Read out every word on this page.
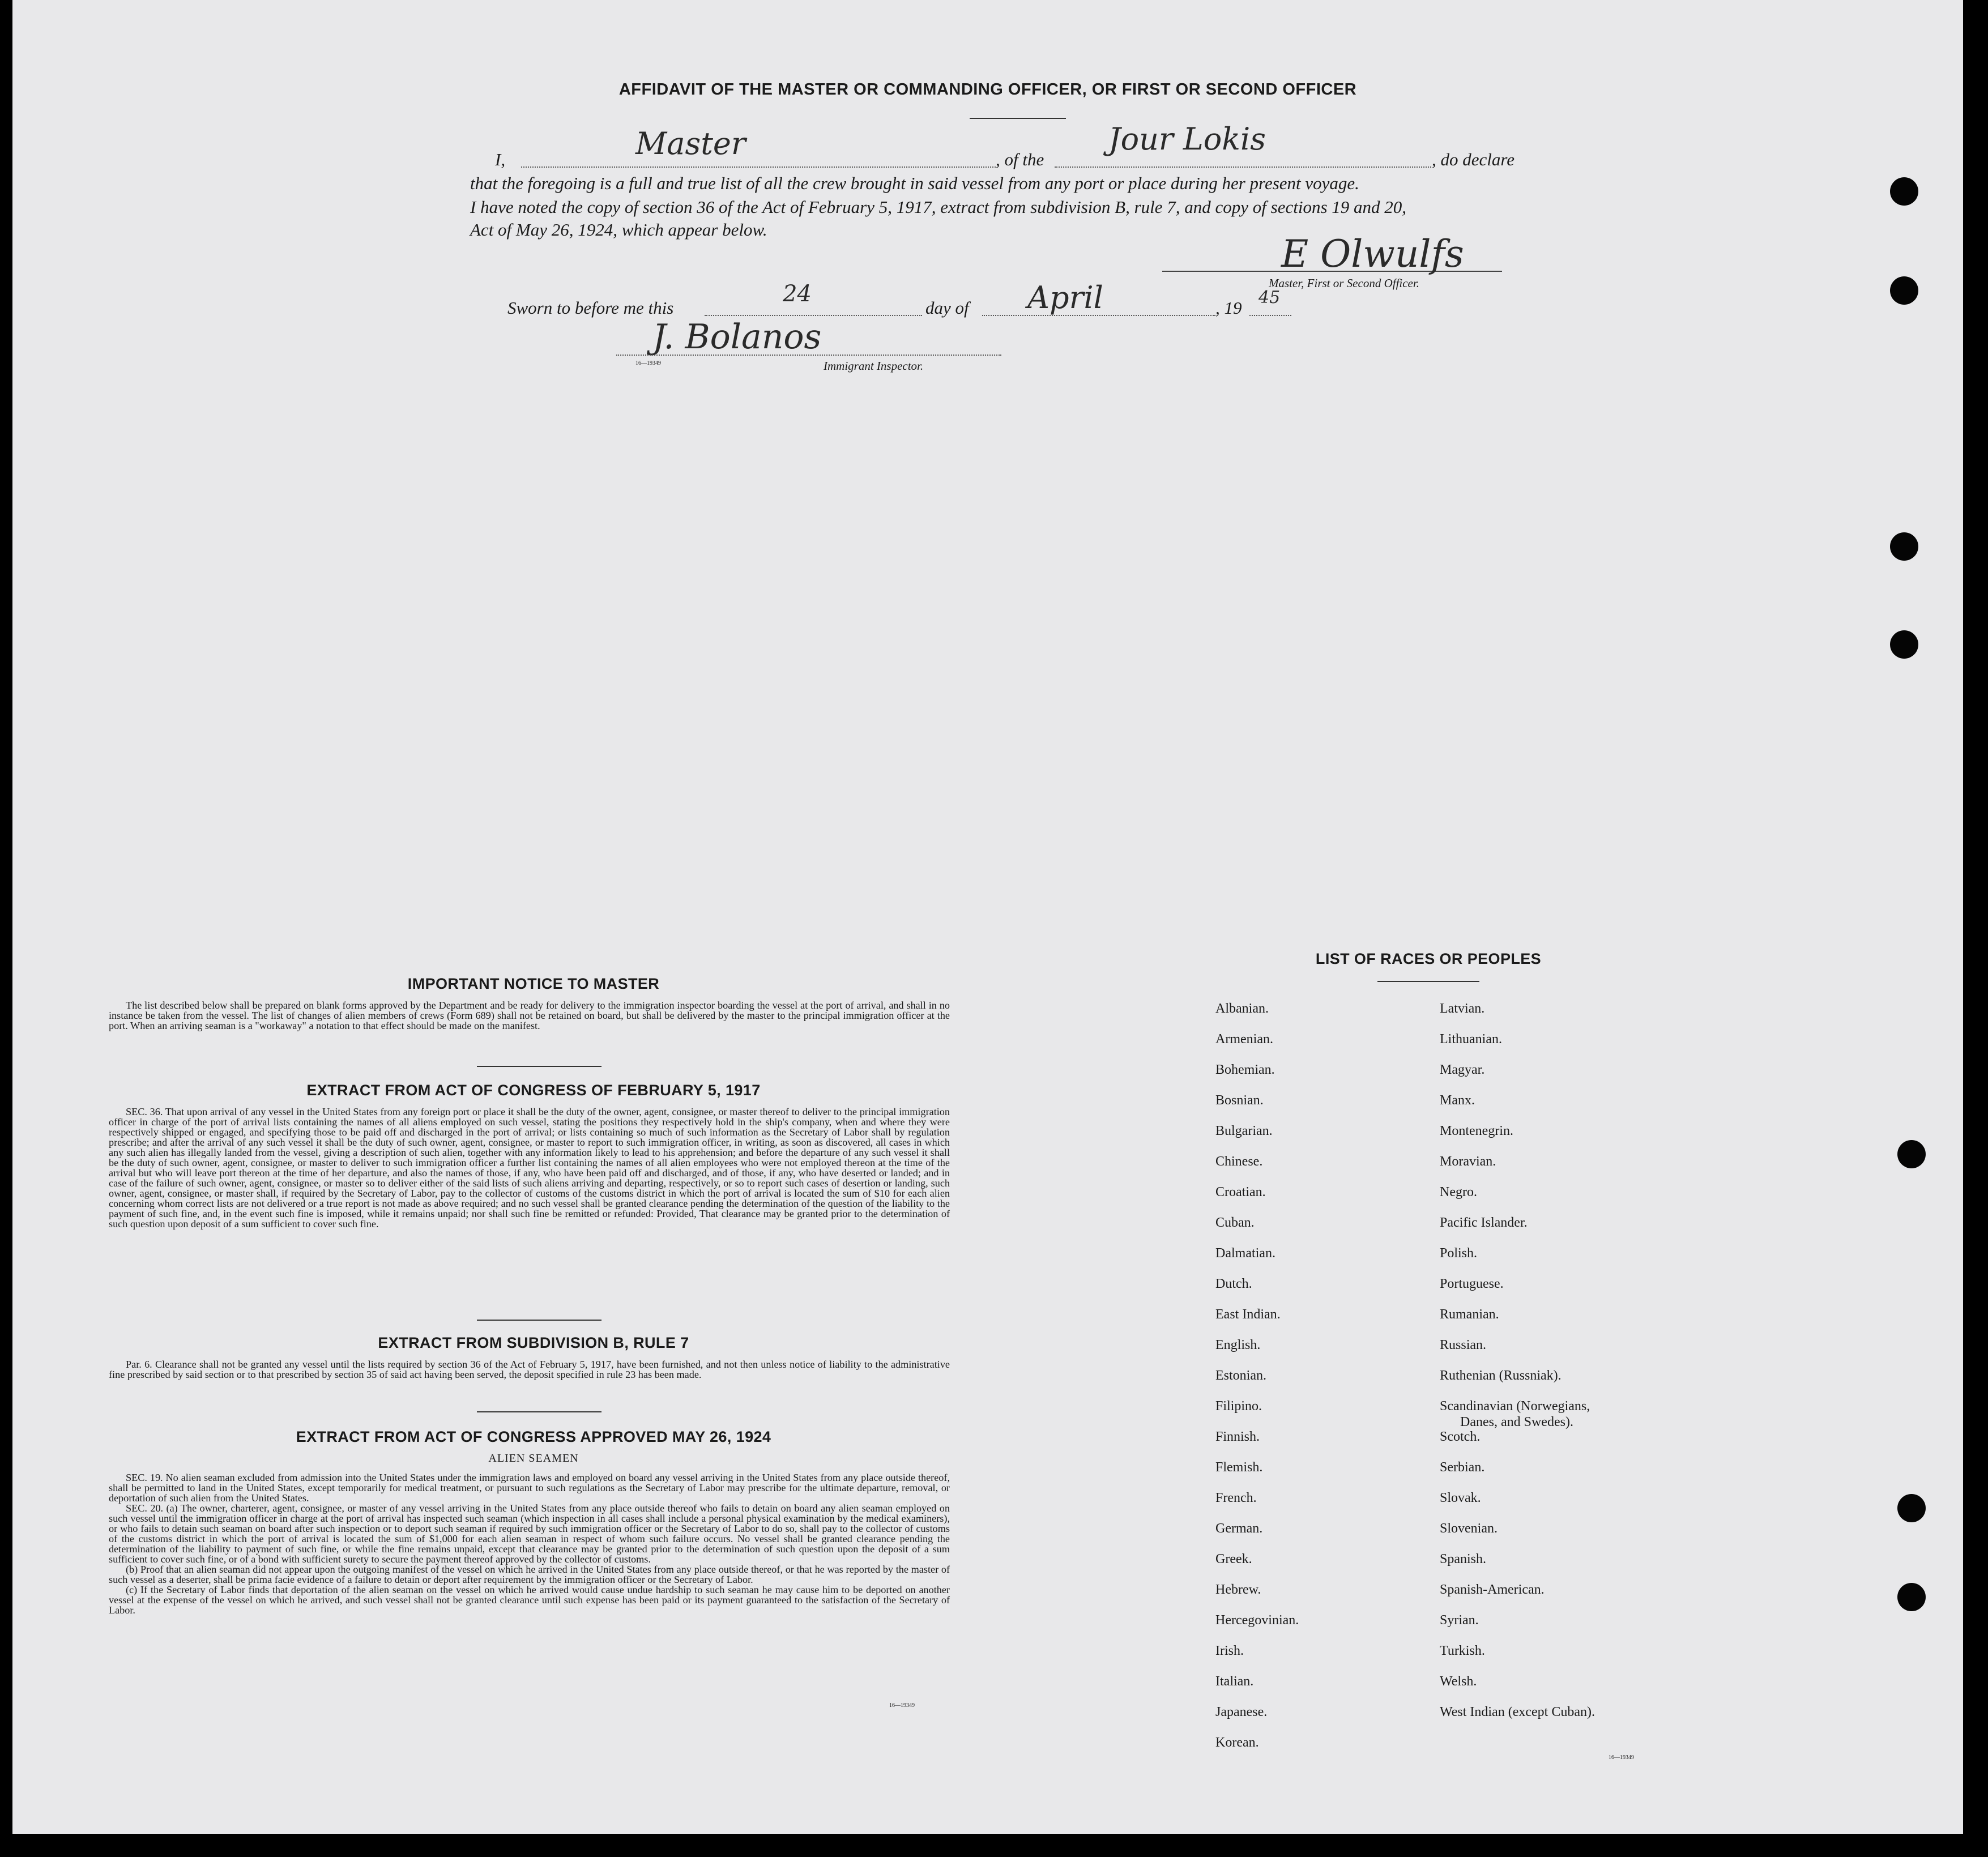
AFFIDAVIT OF THE MASTER OR COMMANDING OFFICER, OR FIRST OR SECOND OFFICER
I,	Master	, of the
Jour Lokis
, do declare
that the foregoing is a full and true list of all the crew brought in said vessel from any port or place during her present voyage.
I have noted the copy of section 36 of the Act of February 5, 1917, extract from subdivision B, rule 7, and copy of sections 19 and 20,
Act of May 26, 1924, which appear below.
E Olwulfs
Master, First or Second Officer.
Sworn to before me this
24
day of April	, 19
45
J. Bolanos
16—19349	Immigrant Inspector.
IMPORTANT NOTICE TO MASTER

The list described below shall be prepared on blank forms approved by the Department and be ready for delivery to the immigration inspector boarding the vessel at the port of arrival, and shall in no instance be taken from the vessel. The list of changes of alien members of crews (Form 689) shall not be retained on board, but shall be delivered by the master to the principal immigration officer at the port. When an arriving seaman is a "workaway" a notation to that effect should be made on the manifest.

EXTRACT FROM ACT OF CONGRESS OF FEBRUARY 5, 1917

SEC. 36. That upon arrival of any vessel in the United States from any foreign port or place it shall be the duty of the owner, agent, consignee, or master thereof to deliver to the principal immigration officer in charge of the port of arrival lists containing the names of all aliens employed on such vessel, stating the positions they respectively hold in the ship's company, when and where they were respectively shipped or engaged, and specifying those to be paid off and discharged in the port of arrival; or lists containing so much of such information as the Secretary of Labor shall by regulation prescribe; and after the arrival of any such vessel it shall be the duty of such owner, agent, consignee, or master to report to such immigration officer, in writing, as soon as discovered, all cases in which any such alien has illegally landed from the vessel, giving a description of such alien, together with any information likely to lead to his apprehension; and before the departure of any such vessel it shall be the duty of such owner, agent, consignee, or master to deliver to such immigration officer a further list containing the names of all alien employees who were not employed thereon at the time of the arrival but who will leave port thereon at the time of her departure, and also the names of those, if any, who have been paid off and discharged, and of those, if any, who have deserted or landed; and in case of the failure of such owner, agent, consignee, or master so to deliver either of the said lists of such aliens arriving and departing, respectively, or so to report such cases of desertion or landing, such owner, agent, consignee, or master shall, if required by the Secretary of Labor, pay to the collector of customs of the customs district in which the port of arrival is located the sum of $10 for each alien concerning whom correct lists are not delivered or a true report is not made as above required; and no such vessel shall be granted clearance pending the determination of the question of the liability to the payment of such fine, and, in the event such fine is imposed, while it remains unpaid; nor shall such fine be remitted or refunded: Provided, That clearance may be granted prior to the determination of such question upon deposit of a sum sufficient to cover such fine.

EXTRACT FROM SUBDIVISION B, RULE 7

Par. 6. Clearance shall not be granted any vessel until the lists required by section 36 of the Act of February 5, 1917, have been furnished, and not then unless notice of liability to the administrative fine prescribed by said section or to that prescribed by section 35 of said act having been served, the deposit specified in rule 23 has been made.

EXTRACT FROM ACT OF CONGRESS APPROVED MAY 26, 1924
ALIEN SEAMEN

SEC. 19. No alien seaman excluded from admission into the United States under the immigration laws and employed on board any vessel arriving in the United States from any place outside thereof, shall be permitted to land in the United States, except temporarily for medical treatment, or pursuant to such regulations as the Secretary of Labor may prescribe for the ultimate departure, removal, or deportation of such alien from the United States.

SEC. 20. (a) The owner, charterer, agent, consignee, or master of any vessel arriving in the United States from any place outside thereof who fails to detain on board any alien seaman employed on such vessel until the immigration officer in charge at the port of arrival has inspected such seaman (which inspection in all cases shall include a personal physical examination by the medical examiners), or who fails to detain such seaman on board after such inspection or to deport such seaman if required by such immigration officer or the Secretary of Labor to do so, shall pay to the collector of customs of the customs district in which the port of arrival is located the sum of $1,000 for each alien seaman in respect of whom such failure occurs. No vessel shall be granted clearance pending the determination of the liability to payment of such fine, or while the fine remains unpaid, except that clearance may be granted prior to the determination of such question upon the deposit of a sum sufficient to cover such fine, or of a bond with sufficient surety to secure the payment thereof approved by the collector of customs.

(b) Proof that an alien seaman did not appear upon the outgoing manifest of the vessel on which he arrived in the United States from any place outside thereof, or that he was reported by the master of such vessel as a deserter, shall be prima facie evidence of a failure to detain or deport after requirement by the immigration officer or the Secretary of Labor.

(c) If the Secretary of Labor finds that deportation of the alien seaman on the vessel on which he arrived would cause undue hardship to such seaman he may cause him to be deported on another vessel at the expense of the vessel on which he arrived, and such vessel shall not be granted clearance until such expense has been paid or its payment guaranteed to the satisfaction of the Secretary of Labor.

16—19349
LIST OF RACES OR PEOPLES
Albanian.
Armenian.
Bohemian.
Bosnian.
Bulgarian.
Chinese.
Croatian.
Cuban.
Dalmatian.
Dutch.
East Indian.
English.
Estonian.
Filipino.
Finnish.
Flemish.
French.
German.
Greek.
Hebrew.
Hercegovinian.
Irish.
Italian.
Japanese.
Korean.
Latvian.
Lithuanian.
Magyar.
Manx.
Montenegrin.
Moravian.
Negro.
Pacific Islander.
Polish.
Portuguese.
Rumanian.
Russian.
Ruthenian (Russniak).
Scandinavian (Norwegians,
Danes, and Swedes).
Scotch.
Serbian.
Slovak.
Slovenian.
Spanish.
Spanish-American.
Syrian.
Turkish.
Welsh.
West Indian (except Cuban).
16—19349
